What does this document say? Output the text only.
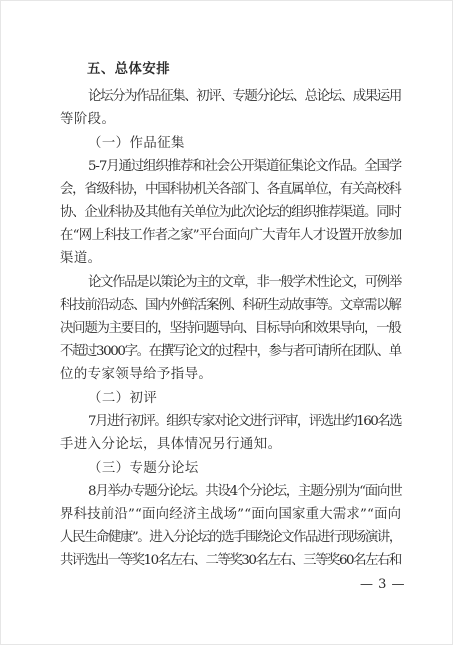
五、总体安排
论坛分为作品征集、初评、专题分论坛、总论坛、成果运用
等阶段。
（一）作品征集
5-7月通过组织推荐和社会公开渠道征集论文作品。全国学
会，省级科协，中国科协机关各部门、各直属单位，有关高校科
协、企业科协及其他有关单位为此次论坛的组织推荐渠道。同时
在“网上科技工作者之家”平台面向广大青年人才设置开放参加
渠道。
论文作品是以策论为主的文章，非一般学术性论文，可例举
科技前沿动态、国内外鲜活案例、科研生动故事等。文章需以解
决问题为主要目的，坚持问题导向、目标导向和效果导向，一般
不超过3000字。在撰写论文的过程中，参与者可请所在团队、单
位的专家领导给予指导。
（二）初评
7月进行初评。组织专家对论文进行评审，评选出约160名选
手进入分论坛，具体情况另行通知。
（三）专题分论坛
8月举办专题分论坛。共设4个分论坛，主题分别为“面向世
界科技前沿”“面向经济主战场”“面向国家重大需求”“面向
人民生命健康”。进入分论坛的选手围绕论文作品进行现场演讲，
共评选出一等奖10名左右、二等奖30名左右、三等奖60名左右和
— 3 —
